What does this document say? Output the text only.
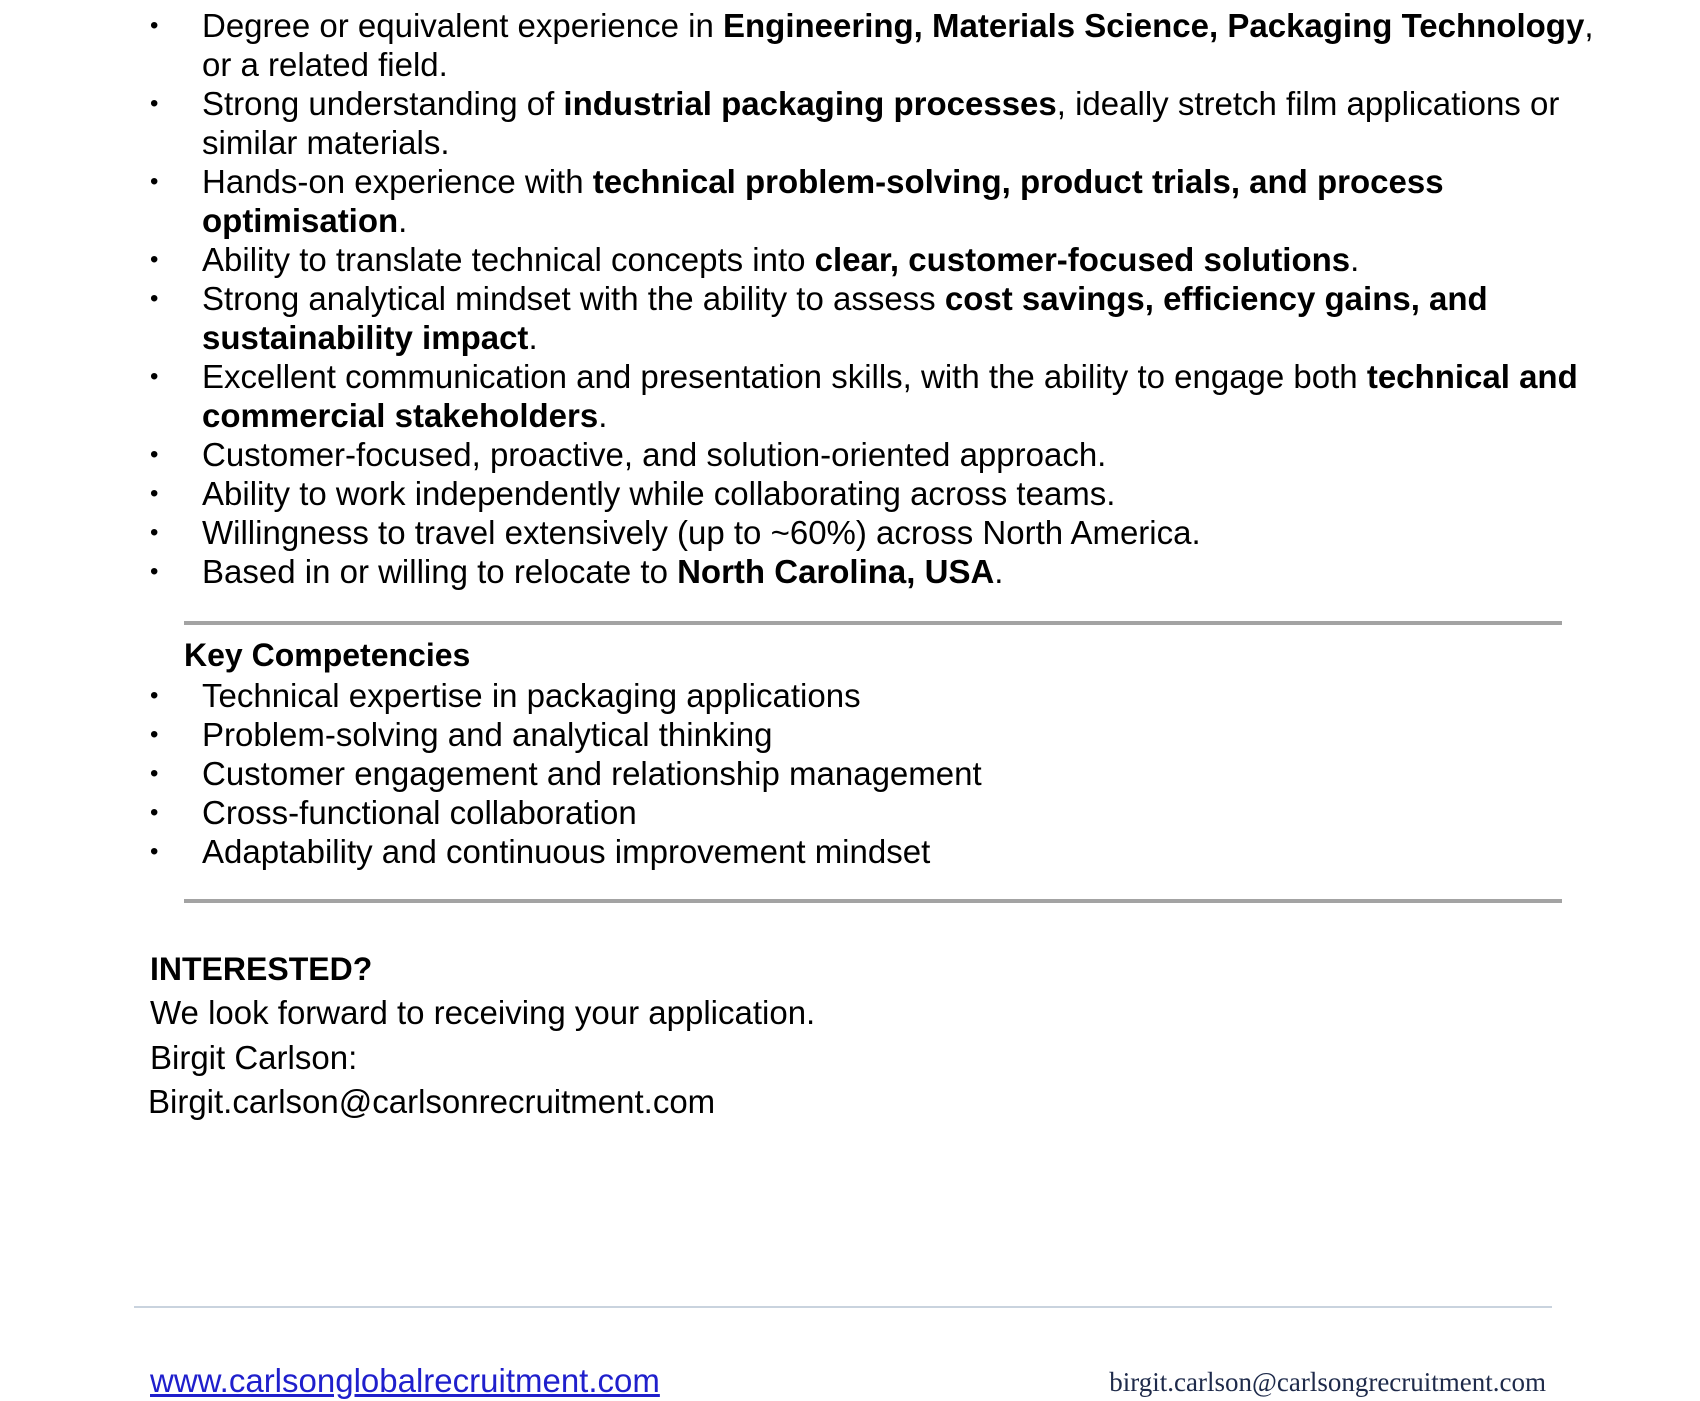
•	Degree or equivalent experience in Engineering, Materials Science, Packaging Technology, or a related field.
•	Strong understanding of industrial packaging processes, ideally stretch film applications or similar materials.
•	Hands-on experience with technical problem-solving, product trials, and process optimisation.
•	Ability to translate technical concepts into clear, customer-focused solutions.
•	Strong analytical mindset with the ability to assess cost savings, efficiency gains, and sustainability impact.
•	Excellent communication and presentation skills, with the ability to engage both technical and commercial stakeholders.
•	Customer-focused, proactive, and solution-oriented approach.
•	Ability to work independently while collaborating across teams.
•	Willingness to travel extensively (up to ~60%) across North America.
•	Based in or willing to relocate to North Carolina, USA.
Key Competencies
•	Technical expertise in packaging applications
•	Problem-solving and analytical thinking
•	Customer engagement and relationship management
•	Cross-functional collaboration
•	Adaptability and continuous improvement mindset
INTERESTED?
We look forward to receiving your application.
Birgit Carlson:
Birgit.carlson@carlsonrecruitment.com
www.carlsonglobalrecruitment.com	birgit.carlson@carlsongrecruitment.com
